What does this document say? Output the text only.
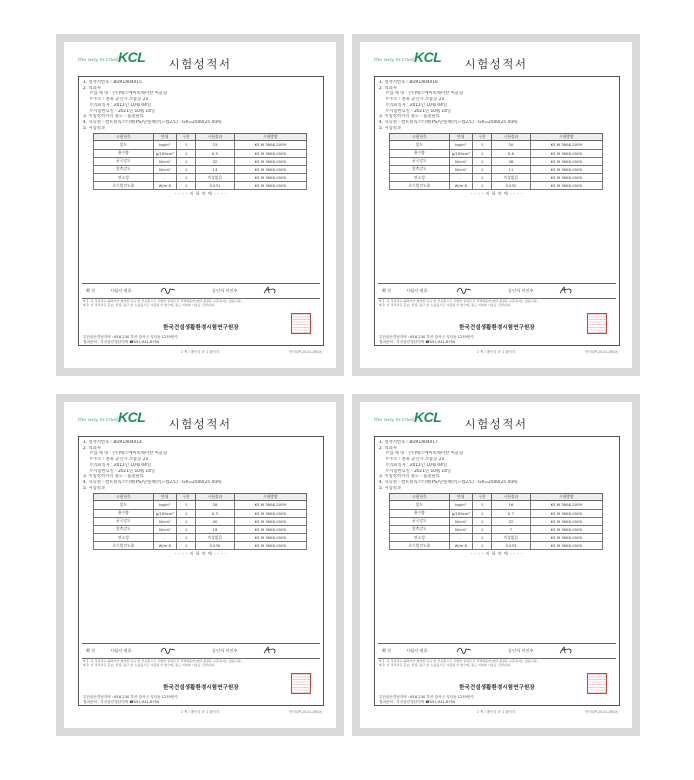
the way to trust KCL	시험성적서
1. 성적서번호 : BUR1A04015
2. 의뢰자
ㅇ업 체 명 : (주)에스에이치케미칼 이균형
ㅇ주소 : 전북 군산시 소룡동 25
ㅇ의뢰일자 : 2011년 10월 04일
ㅇ시험완료일 : 2011년 10월 14일
3. 시험성적서의 용도 : 품질관리
4. 시료명 : 발포폴리스티렌(PS)단열재(비드법2호) : GR=2500(25 mm)
5. 시험결과
시험항목	단위	구분	시험결과	시험방법
밀도	kg/m³	1	23	KS M 3808-2009
흡수량	g/100cm²	1	0.5	KS M 3808-2009
굴곡강도	N/cm²	1	32	KS M 3808-2009
압축강도	N/cm²	1	14	KS M 3808-2009
연소성	-	1	이상없음	KS M 3808-2009
초기열전도율	W/m·K	1	0.031	KS M 3808-2009
- - - - 이 하 여 백 - - - -
확 인	시험자 권호	승인자 이인우
※ 1. 이 성적서는 의뢰자가 제시한 시료 및 시료명으로 시험한 결과로서 전체제품에 대한 품질을 보증하지는 않습니다.
※ 2. 이 성적서는 홍보, 선전, 광고 및 소송용으로 사용될 수 없으며, 용도 이외의 사용을 금합니다.
한국건설생활환경시험연구원장
부산울산경남지역 : 618-230 부산 강서구 지사동 1270번지
결과문의 : 부산울산경남지역 ☎051-941-8790
1 쪽 / 페이지 중 1 페이지	양식QP-20-01-05(0)
the way to trust KCL	시험성적서
1. 성적서번호 : BUR1A04016
2. 의뢰자
ㅇ업 체 명 : (주)에스에이치케미칼 이균형
ㅇ주소 : 전북 군산시 소룡동 25
ㅇ의뢰일자 : 2011년 10월 04일
ㅇ시험완료일 : 2011년 10월 14일
3. 시험성적서의 용도 : 품질관리
4. 시료명 : 발포폴리스티렌(PS)단열재(비드법2호) : GR=2500(25 mm)
5. 시험결과
시험항목	단위	구분	시험결과	시험방법
밀도	kg/m³	1	20	KS M 3808-2009
흡수량	g/100cm²	1	0.6	KS M 3808-2009
굴곡강도	N/cm²	1	28	KS M 3808-2009
압축강도	N/cm²	1	11	KS M 3808-2009
연소성	-	1	이상없음	KS M 3808-2009
초기열전도율	W/m·K	1	0.032	KS M 3808-2009
- - - - 이 하 여 백 - - - -
확 인	시험자 권호	승인자 이인우
※ 1. 이 성적서는 의뢰자가 제시한 시료 및 시료명으로 시험한 결과로서 전체제품에 대한 품질을 보증하지는 않습니다.
※ 2. 이 성적서는 홍보, 선전, 광고 및 소송용으로 사용될 수 없으며, 용도 이외의 사용을 금합니다.
한국건설생활환경시험연구원장
부산울산경남지역 : 618-230 부산 강서구 지사동 1270번지
결과문의 : 부산울산경남지역 ☎051-941-8790
1 쪽 / 페이지 중 1 페이지	양식QP-20-01-05(0)
the way to trust KCL	시험성적서
1. 성적서번호 : BUR1A04014
2. 의뢰자
ㅇ업 체 명 : (주)에스에이치케미칼 이균형
ㅇ주소 : 전북 군산시 소룡동 25
ㅇ의뢰일자 : 2011년 10월 04일
ㅇ시험완료일 : 2011년 10월 14일
3. 시험성적서의 용도 : 품질관리
4. 시료명 : 발포폴리스티렌(PS)단열재(비드법2호) : GR=2500(25 mm)
5. 시험결과
시험항목	단위	구분	시험결과	시험방법
밀도	kg/m³	1	28	KS M 3808-2009
흡수량	g/100cm²	1	0.3	KS M 3808-2009
굴곡강도	N/cm²	1	40	KS M 3808-2009
압축강도	N/cm²	1	19	KS M 3808-2009
연소성	-	1	이상없음	KS M 3808-2009
초기열전도율	W/m·K	1	0.030	KS M 3808-2009
- - - - 이 하 여 백 - - - -
확 인	시험자 권호	승인자 이인우
※ 1. 이 성적서는 의뢰자가 제시한 시료 및 시료명으로 시험한 결과로서 전체제품에 대한 품질을 보증하지는 않습니다.
※ 2. 이 성적서는 홍보, 선전, 광고 및 소송용으로 사용될 수 없으며, 용도 이외의 사용을 금합니다.
한국건설생활환경시험연구원장
부산울산경남지역 : 618-230 부산 강서구 지사동 1270번지
결과문의 : 부산울산경남지역 ☎051-941-8790
1 쪽 / 페이지 중 1 페이지	양식QP-20-01-05(0)
the way to trust KCL	시험성적서
1. 성적서번호 : BUR1A04017
2. 의뢰자
ㅇ업 체 명 : (주)에스에이치케미칼 이균형
ㅇ주소 : 전북 군산시 소룡동 25
ㅇ의뢰일자 : 2011년 10월 04일
ㅇ시험완료일 : 2011년 10월 14일
3. 시험성적서의 용도 : 품질관리
4. 시료명 : 발포폴리스티렌(PS)단열재(비드법2호) : GR=2500(25 mm)
5. 시험결과
시험항목	단위	구분	시험결과	시험방법
밀도	kg/m³	1	16	KS M 3808-2009
흡수량	g/100cm²	1	0.7	KS M 3808-2009
굴곡강도	N/cm²	1	22	KS M 3808-2009
압축강도	N/cm²	1	7	KS M 3808-2009
연소성	-	1	이상없음	KS M 3808-2009
초기열전도율	W/m·K	1	0.033	KS M 3808-2009
- - - - 이 하 여 백 - - - -
확 인	시험자 권호	승인자 이인우
※ 1. 이 성적서는 의뢰자가 제시한 시료 및 시료명으로 시험한 결과로서 전체제품에 대한 품질을 보증하지는 않습니다.
※ 2. 이 성적서는 홍보, 선전, 광고 및 소송용으로 사용될 수 없으며, 용도 이외의 사용을 금합니다.
한국건설생활환경시험연구원장
부산울산경남지역 : 618-230 부산 강서구 지사동 1270번지
결과문의 : 부산울산경남지역 ☎051-941-8790
1 쪽 / 페이지 중 1 페이지	양식QP-20-01-05(0)
